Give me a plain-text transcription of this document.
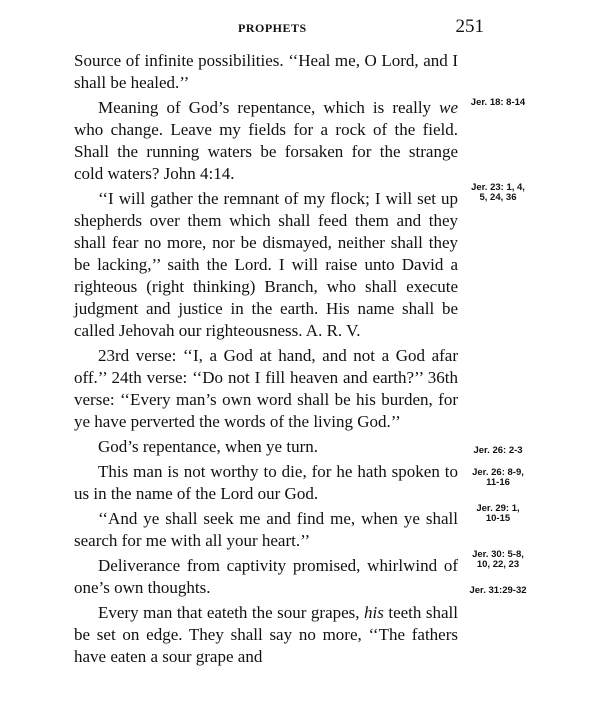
PROPHETS	251

Source of infinite possibilities. ‘‘Heal me, O Lord, and I shall be healed.’’

Meaning of God’s repentance, which is really we who change. Leave my fields for a rock of the field. Shall the running waters be forsaken for the strange cold waters? John 4:14.

‘‘I will gather the remnant of my flock; I will set up shepherds over them which shall feed them and they shall fear no more, nor be dismayed, neither shall they be lacking,’’ saith the Lord. I will raise unto David a righteous (right thinking) Branch, who shall execute judgment and justice in the earth. His name shall be called Jehovah our righteousness. A. R. V.

23rd verse: ‘‘I, a God at hand, and not a God afar off.’’ 24th verse: ‘‘Do not I fill heaven and earth?’’ 36th verse: ‘‘Every man’s own word shall be his burden, for ye have perverted the words of the living God.’’

God’s repentance, when ye turn.

This man is not worthy to die, for he hath spoken to us in the name of the Lord our God.

‘‘And ye shall seek me and find me, when ye shall search for me with all your heart.’’

Deliverance from captivity promised, whirlwind of one’s own thoughts.

Every man that eateth the sour grapes, his teeth shall be set on edge. They shall say no more, ‘‘The fathers have eaten a sour grape and

Jer. 18: 8-14
Jer. 23: 1, 4,
5, 24, 36
Jer. 26: 2-3
Jer. 26: 8-9,
11-16
Jer. 29: 1,
10-15
Jer. 30: 5-8,
10, 22, 23
Jer. 31:29-32
